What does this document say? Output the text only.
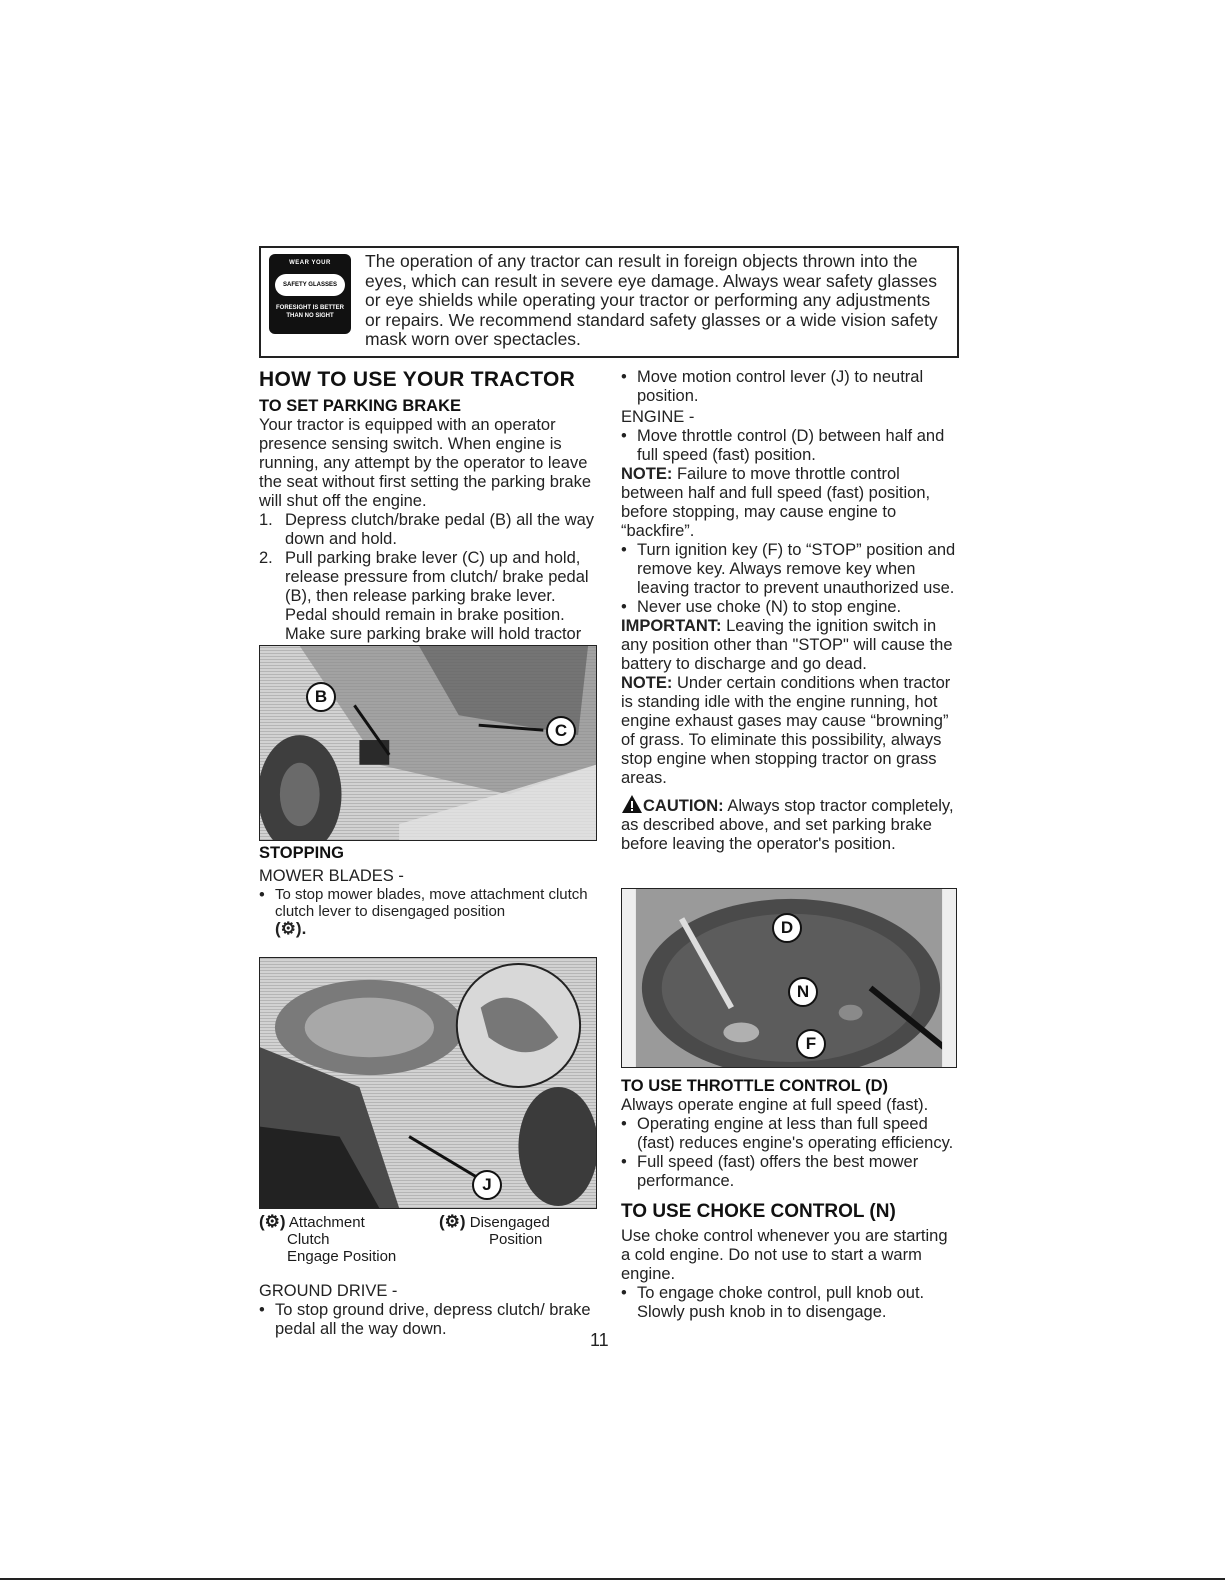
WEAR YOUR
SAFETY GLASSES
FORESIGHT IS BETTER THAN NO SIGHT
The operation of any tractor can result in foreign objects thrown into the eyes, which can result in severe eye damage. Always wear safety glasses or eye shields while operating your tractor or performing any adjustments or repairs. We recommend standard safety glasses or a wide vision safety mask worn over spectacles.
HOW TO USE YOUR TRACTOR
TO SET PARKING BRAKE

Your tractor is equipped with an operator presence sensing switch. When engine is running, any attempt by the operator to leave the seat without first setting the parking brake will shut off the engine.

1. Depress clutch/brake pedal (B) all the way down and hold.
2. Pull parking brake lever (C) up and hold, release pressure from clutch/ brake pedal (B), then release parking brake lever. Pedal should remain in brake position. Make sure parking brake will hold tractor
B
C
STOPPING
MOWER BLADES -
• To stop mower blades, move attachment clutch clutch lever to disengaged position
(⚙).
J
(⚙) Attachment
Clutch
Engage Position
(⚙) Disengaged
Position
GROUND DRIVE -
• To stop ground drive, depress clutch/ brake pedal all the way down.
• Move motion control lever (J) to neutral position.
ENGINE -
• Move throttle control (D) between half and full speed (fast) position.

NOTE: Failure to move throttle control between half and full speed (fast) position, before stopping, may cause engine to “backfire”.

• Turn ignition key (F) to “STOP” position and remove key. Always remove key when leaving tractor to prevent unauthorized use.
• Never use choke (N) to stop engine.

IMPORTANT: Leaving the ignition switch in any position other than "STOP" will cause the battery to discharge and go dead.

NOTE: Under certain conditions when tractor is standing idle with the engine running, hot engine exhaust gases may cause “browning” of grass. To eliminate this possibility, always stop engine when stopping tractor on grass areas.

CAUTION: Always stop tractor completely, as described above, and set parking brake before leaving the operator's position.

D
N
F
TO USE THROTTLE CONTROL (D)

Always operate engine at full speed (fast).

• Operating engine at less than full speed (fast) reduces engine's operating efficiency.
• Full speed (fast) offers the best mower performance.
TO USE CHOKE CONTROL (N)

Use choke control whenever you are starting a cold engine. Do not use to start a warm engine.

• To engage choke control, pull knob out. Slowly push knob in to disengage.
11
